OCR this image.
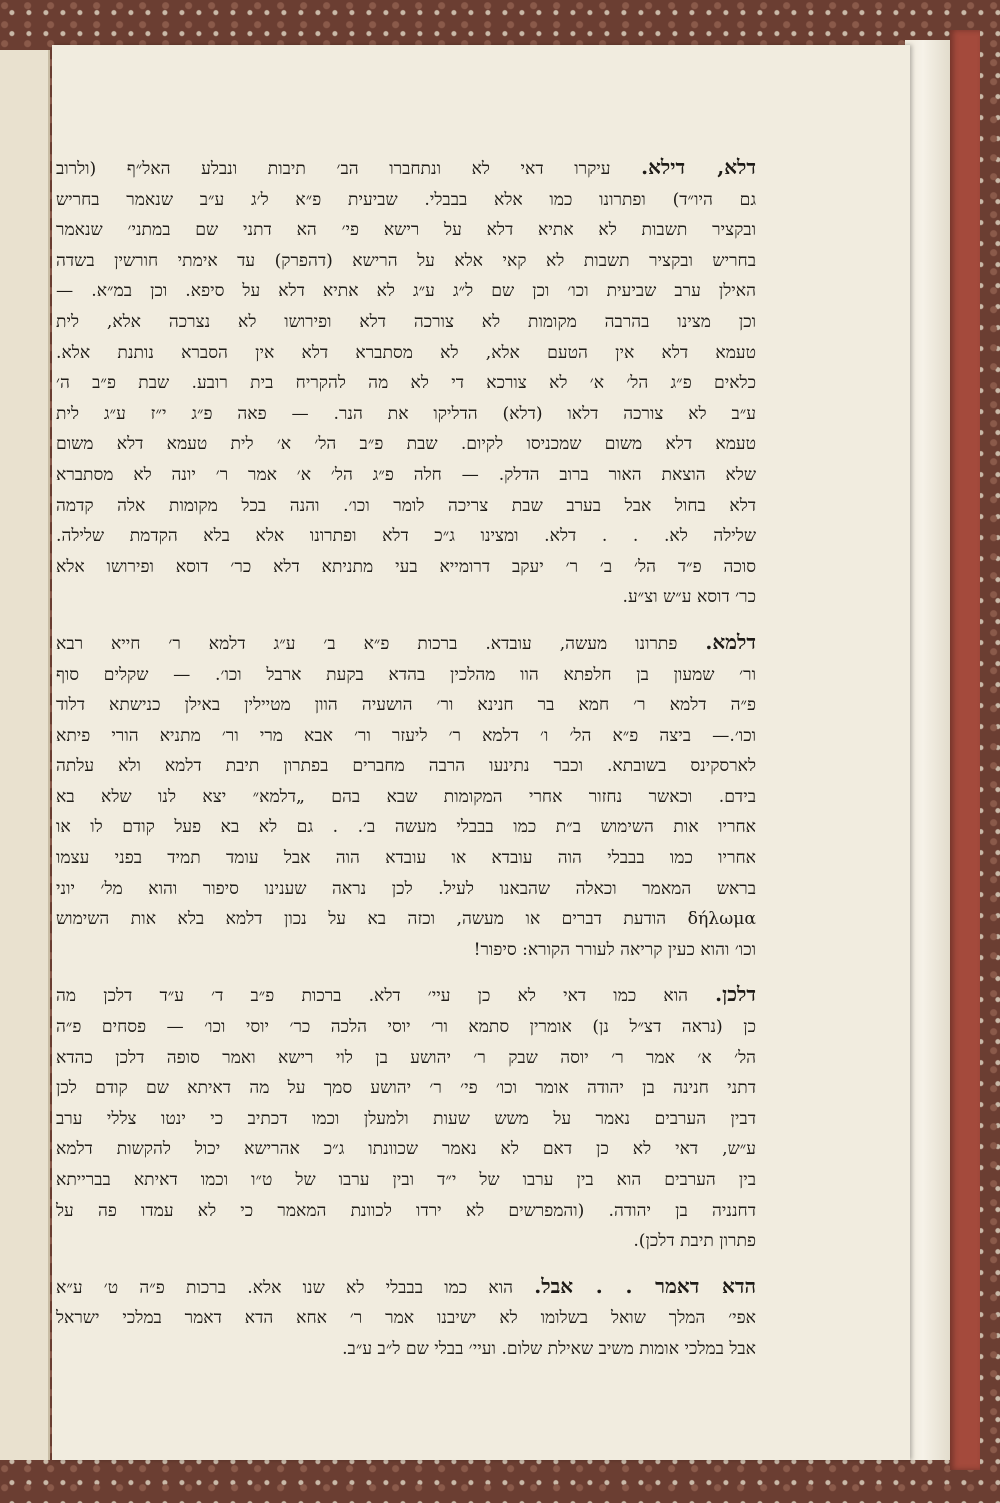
דלא, דילא. עיקרו דאי לא ונתחברו הב׳ תיבות ונבלע האל״ף (ולרוב
גם היו״ד) ופתרונו כמו אלא בבבלי. שביעית פ״א ל׳ג ע״ב שנאמר בחריש
ובקציר תשבות לא אתיא דלא על רישא פי׳ הא דתני שם במתני׳ שנאמר
בחריש ובקציר תשבות לא קאי אלא על הרישא (דהפרק) עד אימתי חורשין בשדה
האילן ערב שביעית וכו׳ וכן שם ל״ג ע״ג לא אתיא דלא על סיפא. וכן במ״א. —
וכן מצינו בהרבה מקומות לא צורכה דלא ופירושו לא נצרכה אלא, לית
טעמא דלא אין הטעם אלא, לא מסתברא דלא אין הסברא נותנת אלא.
כלאים פ״ג הל׳ א׳ לא צורכא די לא מה להקריח בית רובע. שבת פ״ב ה׳
ע״ב לא צורכה דלאו (דלא) הדליקו את הנר. — פאה פ״ג י״ז ע״ג לית
טעמא דלא משום שמכניסו לקיום. שבת פ״ב הל׳ א׳ לית טעמא דלא משום
שלא הוצאת האור ברוב הדלק. — חלה פ״ג הל׳ א׳ אמר ר׳ יונה לא מסתברא
דלא בחול אבל בערב שבת צריכה לומר וכו׳. והנה בכל מקומות אלה קדמה
שלילה לא. . . דלא. ומצינו ג״כ דלא ופתרונו אלא בלא הקדמת שלילה.
סוכה פ״ד הל׳ ב׳ ר׳ יעקב דרומייא בעי מתניתא דלא כר׳ דוסא ופירושו אלא
כר׳ דוסא ע״ש וצ״ע.
דלמא. פתרונו מעשה, עובדא. ברכות פ״א ב׳ ע״ג דלמא ר׳ חייא רבא
ור׳ שמעון בן חלפתא הוו מהלכין בהדא בקעת ארבל וכו׳. — שקלים סוף
פ״ה דלמא ר׳ חמא בר חנינא ור׳ הושעיה הוון מטיילין באילן כנישתא דלוד
וכו׳.— ביצה פ״א הל׳ ו׳ דלמא ר׳ ליעזר ור׳ אבא מרי ור׳ מתניא הורי פיתא
לארסקינס בשובתא. וכבר נתינעו הרבה מחברים בפתרון תיבת דלמא ולא עלתה
בידם. וכאשר נחזור אחרי המקומות שבא בהם „דלמא״ יצא לנו שלא בא
אחריו אות השימוש ב״ת כמו בבבלי מעשה ב׳. . גם לא בא פעל קודם לו או
אחריו כמו בבבלי הוה עובדא או עובדא הוה אבל עומד תמיד בפני עצמו
בראש המאמר וכאלה שהבאנו לעיל. לכן נראה שענינו סיפור והוא מל׳ יוני
δήλωμα הודעת דברים או מעשה, וכזה בא על נכון דלמא בלא אות השימוש
וכו׳ והוא כעין קריאה לעורר הקורא: סיפור!
דלכן. הוא כמו דאי לא כן עיי׳ דלא. ברכות פ״ב ד׳ ע״ד דלכן מה
כן (נראה דצ״ל נן) אומרין סתמא ור׳ יוסי הלכה כר׳ יוסי וכו׳ — פסחים פ״ה
הל׳ א׳ אמר ר׳ יוסה שבק ר׳ יהושע בן לוי רישא ואמר סופה דלכן כהדא
דתני חנינה בן יהודה אומר וכו׳ פי׳ ר׳ יהושע סמך על מה דאיתא שם קודם לכן
דבין הערבים נאמר על משש שעות ולמעלן וכמו דכתיב כי ינטו צללי ערב
ע״ש, דאי לא כן דאם לא נאמר שכוונתו ג״כ אהרישא יכול להקשות דלמא
בין הערבים הוא בין ערבו של י״ד ובין ערבו של ט״ו וכמו דאיתא בברייתא
דחנניה בן יהודה. (והמפרשים לא ירדו לכוונת המאמר כי לא עמדו פה על
פתרון תיבת דלכן).
הדא דאמר . . אבל. הוא כמו בבבלי לא שנו אלא. ברכות פ״ה ט׳ ע״א
אפי׳ המלך שואל בשלומו לא ישיבנו אמר ר׳ אחא הדא דאמר במלכי ישראל
אבל במלכי אומות משיב שאילת שלום. ועיי׳ בבלי שם ל״ב ע״ב.
